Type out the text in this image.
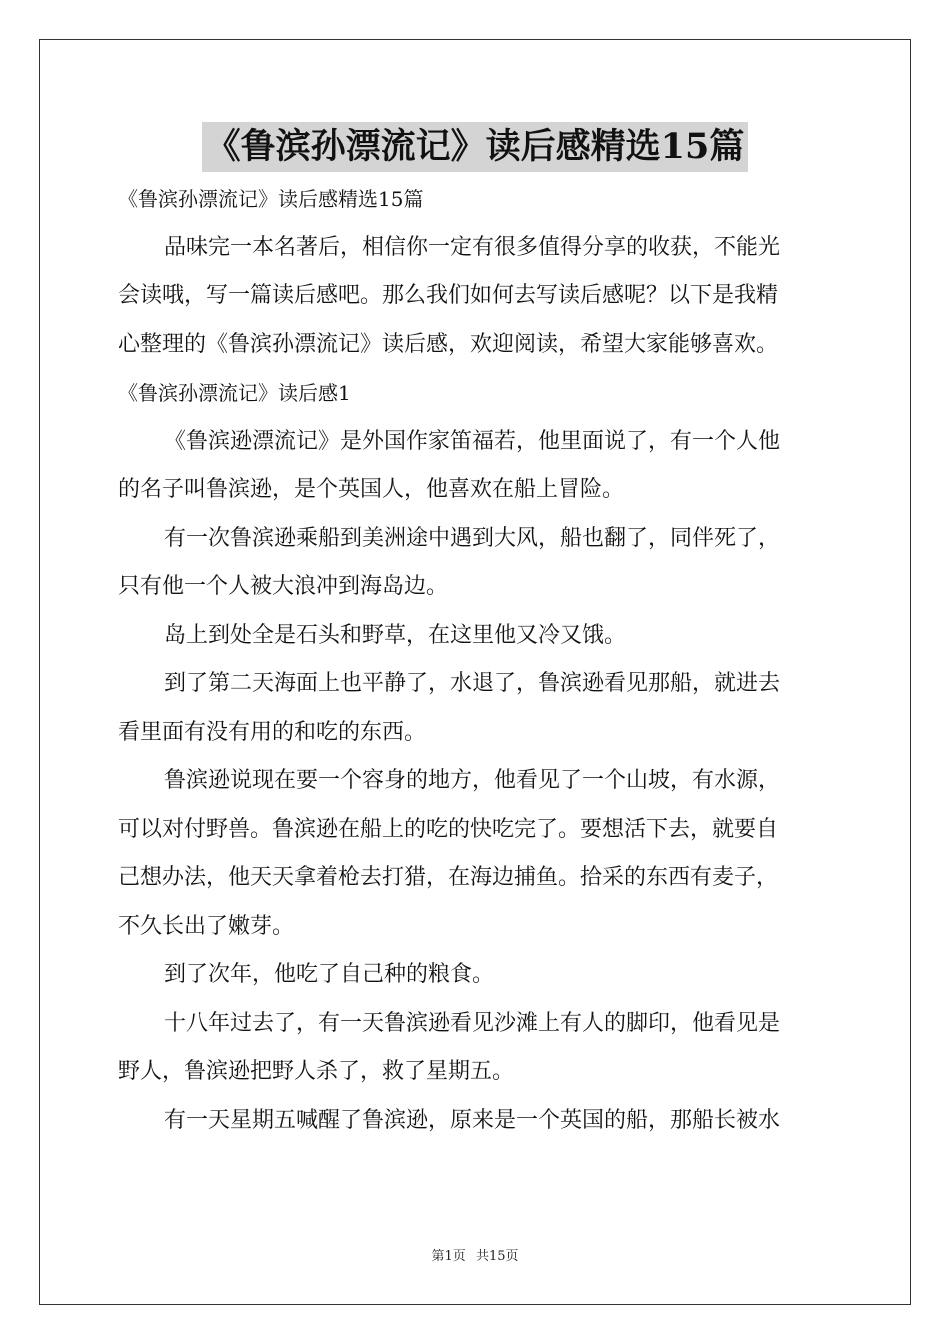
《鲁滨孙漂流记》读后感精选15篇
《鲁滨孙漂流记》读后感精选15篇
品味完一本名著后，相信你一定有很多值得分享的收获，不能光
会读哦，写一篇读后感吧。那么我们如何去写读后感呢？以下是我精
心整理的《鲁滨孙漂流记》读后感，欢迎阅读，希望大家能够喜欢。
《鲁滨孙漂流记》读后感1
《鲁滨逊漂流记》是外国作家笛福若，他里面说了，有一个人他
的名子叫鲁滨逊，是个英国人，他喜欢在船上冒险。
有一次鲁滨逊乘船到美洲途中遇到大风，船也翻了，同伴死了，
只有他一个人被大浪冲到海岛边。
岛上到处全是石头和野草，在这里他又冷又饿。
到了第二天海面上也平静了，水退了，鲁滨逊看见那船，就进去
看里面有没有用的和吃的东西。
鲁滨逊说现在要一个容身的地方，他看见了一个山坡，有水源，
可以对付野兽。鲁滨逊在船上的吃的快吃完了。要想活下去，就要自
己想办法，他天天拿着枪去打猎，在海边捕鱼。拾采的东西有麦子，
不久长出了嫩芽。
到了次年，他吃了自己种的粮食。
十八年过去了，有一天鲁滨逊看见沙滩上有人的脚印，他看见是
野人，鲁滨逊把野人杀了，救了星期五。
有一天星期五喊醒了鲁滨逊，原来是一个英国的船，那船长被水
第1页 共15页
